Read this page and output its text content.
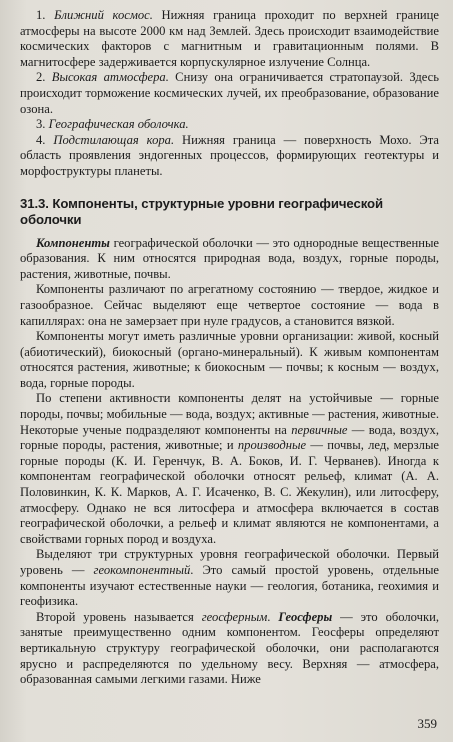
1. Ближний космос. Нижняя граница проходит по верхней границе атмосферы на высоте 2000 км над Землей. Здесь происходит взаимодействие космических факторов с магнитным и гравитационным полями. В магнитосфере задерживается корпускулярное излучение Солнца.

2. Высокая атмосфера. Снизу она ограничивается стратопаузой. Здесь происходит торможение космических лучей, их преобразование, образование озона.

3. Географическая оболочка.

4. Подстилающая кора. Нижняя граница — поверхность Мохо. Эта область проявления эндогенных процессов, формирующих геотектуры и морфоструктуры планеты.

31.3. Компоненты, структурные уровни географической оболочки

Компоненты географической оболочки — это однородные вещественные образования. К ним относятся природная вода, воздух, горные породы, растения, животные, почвы.

Компоненты различают по агрегатному состоянию — твердое, жидкое и газообразное. Сейчас выделяют еще четвертое состояние — вода в капиллярах: она не замерзает при нуле градусов, а становится вязкой.

Компоненты могут иметь различные уровни организации: живой, косный (абиотический), биокосный (органо-минеральный). К живым компонентам относятся растения, животные; к биокосным — почвы; к косным — воздух, вода, горные породы.

По степени активности компоненты делят на устойчивые — горные породы, почвы; мобильные — вода, воздух; активные — растения, животные. Некоторые ученые подразделяют компоненты на первичные — вода, воздух, горные породы, растения, животные; и производные — почвы, лед, мерзлые горные породы (К. И. Геренчук, В. А. Боков, И. Г. Черванев). Иногда к компонентам географической оболочки относят рельеф, климат (А. А. Половинкин, К. К. Марков, А. Г. Исаченко, В. С. Жекулин), или литосферу, атмосферу. Однако не вся литосфера и атмосфера включается в состав географической оболочки, а рельеф и климат являются не компонентами, а свойствами горных пород и воздуха.

Выделяют три структурных уровня географической оболочки. Первый уровень — геокомпонентный. Это самый простой уровень, отдельные компоненты изучают естественные науки — геология, ботаника, геохимия и геофизика.

Второй уровень называется геосферным. Геосферы — это оболочки, занятые преимущественно одним компонентом. Геосферы определяют вертикальную структуру географической оболочки, они располагаются ярусно и распределяются по удельному весу. Верхняя — атмосфера, образованная самыми легкими газами. Ниже

359
